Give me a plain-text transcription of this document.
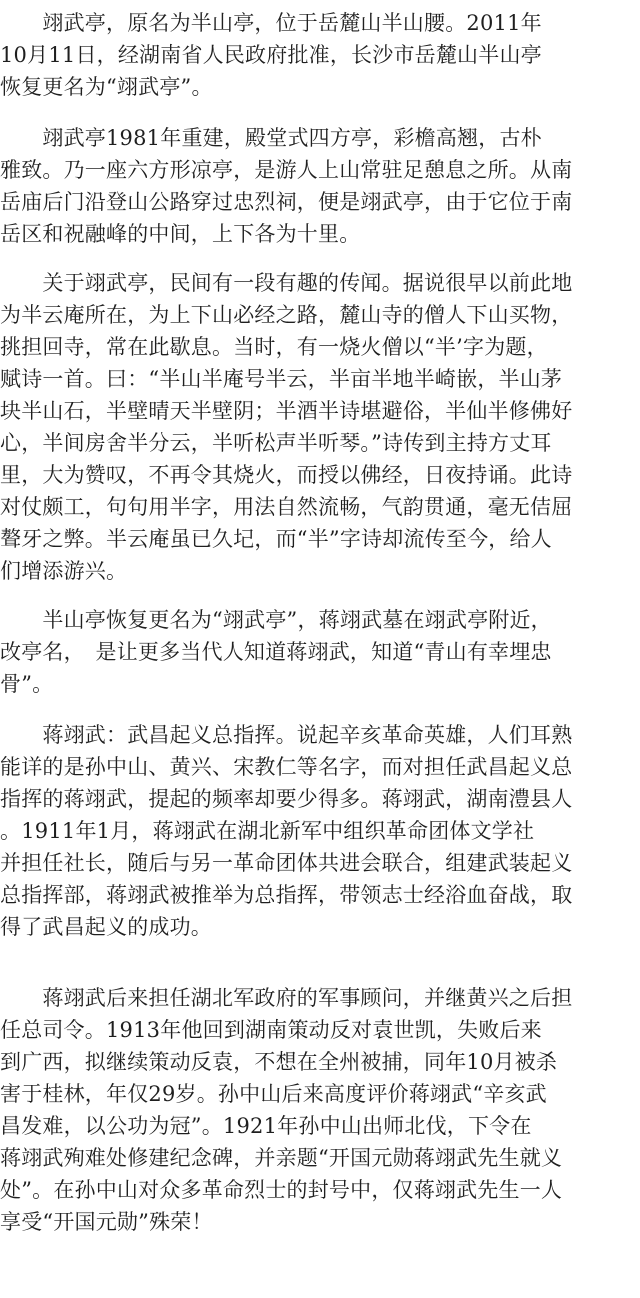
　　翊武亭，原名为半山亭，位于岳麓山半山腰。2011年
10月11日，经湖南省人民政府批准，长沙市岳麓山半山亭
恢复更名为“翊武亭”。
　　翊武亭1981年重建，殿堂式四方亭，彩檐高翘，古朴
雅致。乃一座六方形凉亭，是游人上山常驻足憩息之所。从南
岳庙后门沿登山公路穿过忠烈祠，便是翊武亭，由于它位于南
岳区和祝融峰的中间，上下各为十里。
　　关于翊武亭，民间有一段有趣的传闻。据说很早以前此地
为半云庵所在，为上下山必经之路，麓山寺的僧人下山买物，
挑担回寺，常在此歇息。当时，有一烧火僧以“半’字为题，
赋诗一首。曰：“半山半庵号半云，半亩半地半崎嵌，半山茅
块半山石，半壁晴天半壁阴；半酒半诗堪避俗，半仙半修佛好
心，半间房舍半分云，半听松声半听琴。”诗传到主持方丈耳
里，大为赞叹，不再令其烧火，而授以佛经，日夜持诵。此诗
对仗颇工，句句用半字，用法自然流畅，气韵贯通，毫无佶屈
聱牙之弊。半云庵虽已久圮，而“半”字诗却流传至今，给人
们增添游兴。
　　半山亭恢复更名为“翊武亭”，蒋翊武墓在翊武亭附近，
改亭名，　是让更多当代人知道蒋翊武，知道“青山有幸埋忠
骨”。
　　蒋翊武：武昌起义总指挥。说起辛亥革命英雄，人们耳熟
能详的是孙中山、黄兴、宋教仁等名字，而对担任武昌起义总
指挥的蒋翊武，提起的频率却要少得多。蒋翊武，湖南澧县人
。1911年1月，蒋翊武在湖北新军中组织革命团体文学社
并担任社长，随后与另一革命团体共进会联合，组建武装起义
总指挥部，蒋翊武被推举为总指挥，带领志士经浴血奋战，取
得了武昌起义的成功。
　　蒋翊武后来担任湖北军政府的军事顾问，并继黄兴之后担
任总司令。1913年他回到湖南策动反对袁世凯，失败后来
到广西，拟继续策动反袁，不想在全州被捕，同年10月被杀
害于桂林，年仅29岁。孙中山后来高度评价蒋翊武“辛亥武
昌发难，以公功为冠”。1921年孙中山出师北伐，下令在
蒋翊武殉难处修建纪念碑，并亲题“开国元勋蒋翊武先生就义
处”。在孙中山对众多革命烈士的封号中，仅蒋翊武先生一人
享受“开国元勋”殊荣！
